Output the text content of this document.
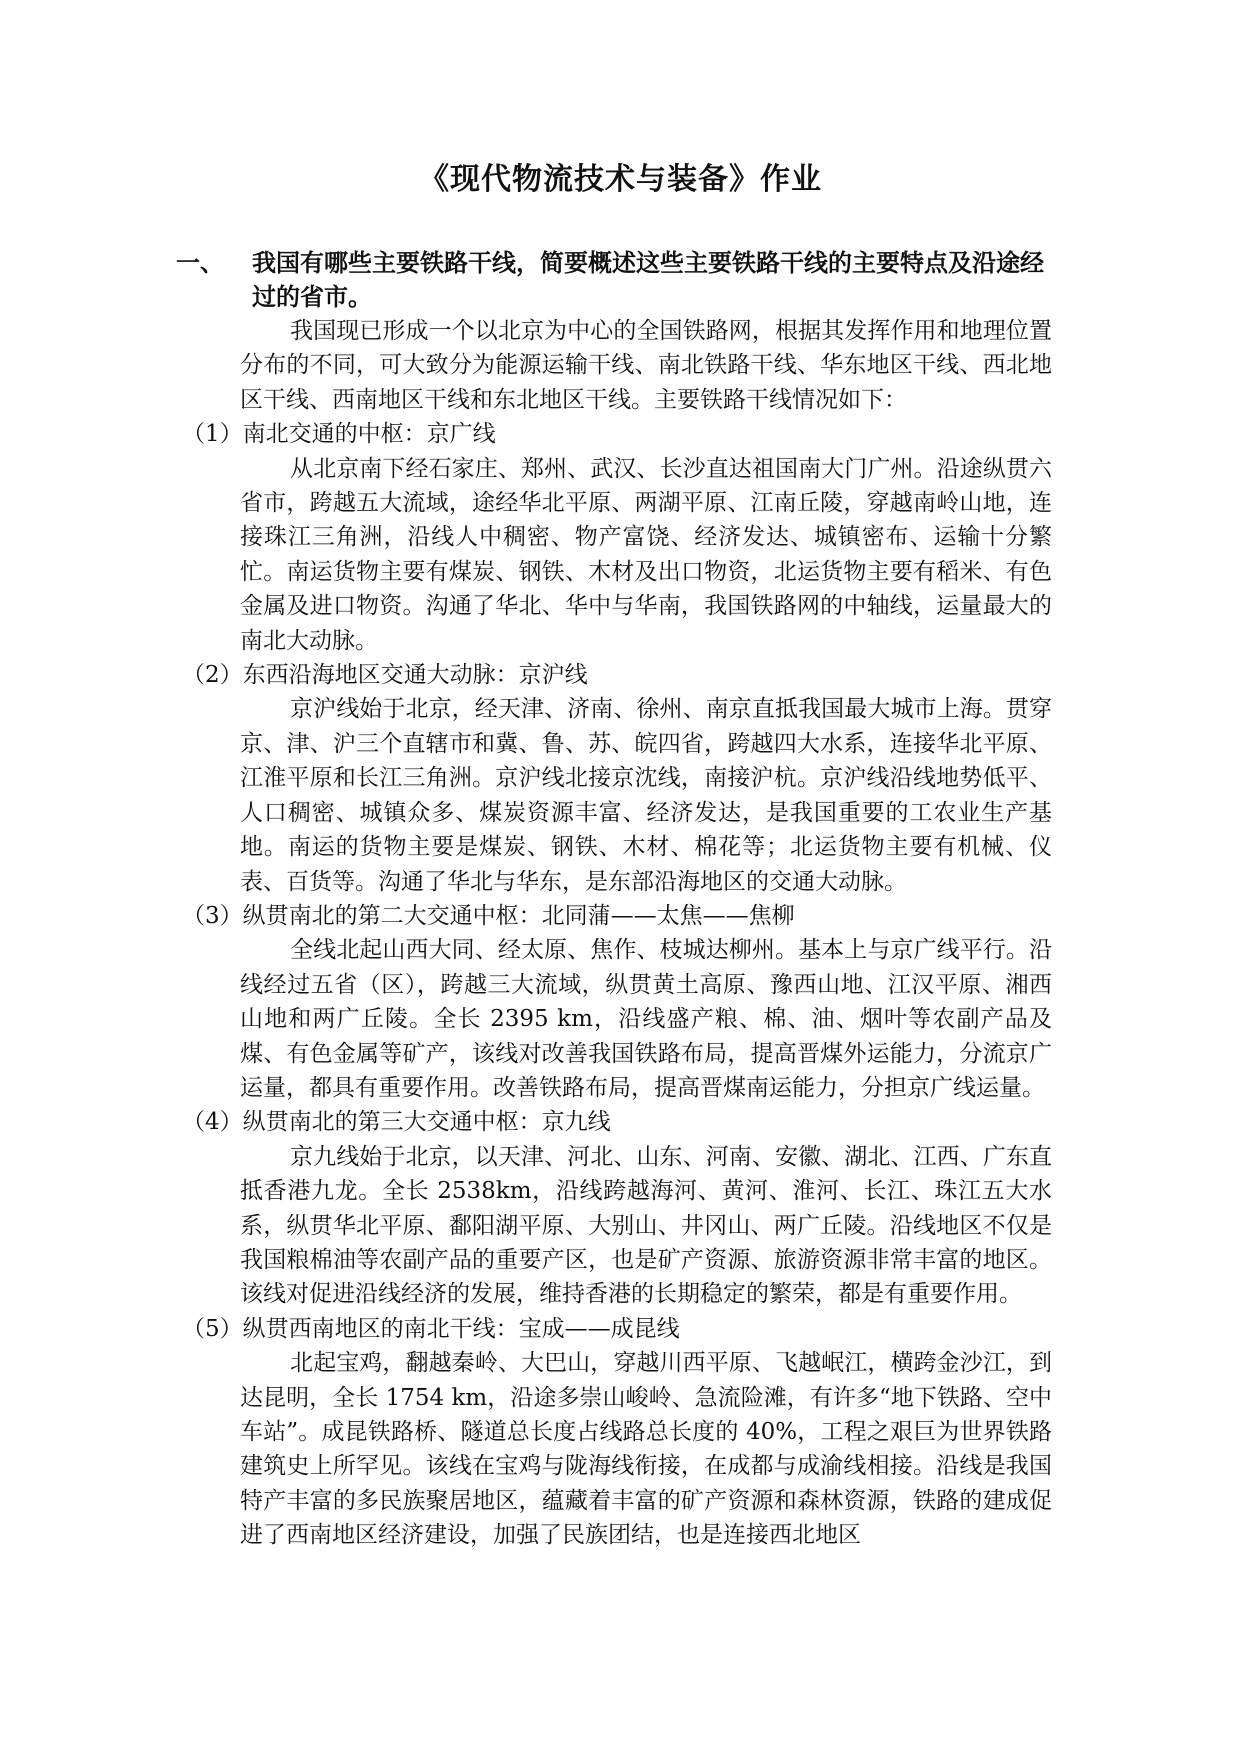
《现代物流技术与装备》作业
一、 我国有哪些主要铁路干线，简要概述这些主要铁路干线的主要特点及沿途经过的省市。

我国现已形成一个以北京为中心的全国铁路网，根据其发挥作用和地理位置分布的不同，可大致分为能源运输干线、南北铁路干线、华东地区干线、西北地区干线、西南地区干线和东北地区干线。主要铁路干线情况如下：

（1）南北交通的中枢：京广线

从北京南下经石家庄、郑州、武汉、长沙直达祖国南大门广州。沿途纵贯六省市，跨越五大流域，途经华北平原、两湖平原、江南丘陵，穿越南岭山地，连接珠江三角洲，沿线人中稠密、物产富饶、经济发达、城镇密布、运输十分繁忙。南运货物主要有煤炭、钢铁、木材及出口物资，北运货物主要有稻米、有色金属及进口物资。沟通了华北、华中与华南，我国铁路网的中轴线，运量最大的南北大动脉。

（2）东西沿海地区交通大动脉：京沪线

京沪线始于北京，经天津、济南、徐州、南京直抵我国最大城市上海。贯穿京、津、沪三个直辖市和冀、鲁、苏、皖四省，跨越四大水系，连接华北平原、江淮平原和长江三角洲。京沪线北接京沈线，南接沪杭。京沪线沿线地势低平、人口稠密、城镇众多、煤炭资源丰富、经济发达，是我国重要的工农业生产基地。南运的货物主要是煤炭、钢铁、木材、棉花等；北运货物主要有机械、仪表、百货等。沟通了华北与华东，是东部沿海地区的交通大动脉。

（3）纵贯南北的第二大交通中枢：北同蒲——太焦——焦柳

全线北起山西大同、经太原、焦作、枝城达柳州。基本上与京广线平行。沿线经过五省（区），跨越三大流域，纵贯黄土高原、豫西山地、江汉平原、湘西山地和两广丘陵。全长 2395 km，沿线盛产粮、棉、油、烟叶等农副产品及煤、有色金属等矿产，该线对改善我国铁路布局，提高晋煤外运能力，分流京广运量，都具有重要作用。改善铁路布局，提高晋煤南运能力，分担京广线运量。

（4）纵贯南北的第三大交通中枢：京九线

京九线始于北京，以天津、河北、山东、河南、安徽、湖北、江西、广东直抵香港九龙。全长 2538km，沿线跨越海河、黄河、淮河、长江、珠江五大水系，纵贯华北平原、鄱阳湖平原、大别山、井冈山、两广丘陵。沿线地区不仅是我国粮棉油等农副产品的重要产区，也是矿产资源、旅游资源非常丰富的地区。该线对促进沿线经济的发展，维持香港的长期稳定的繁荣，都是有重要作用。

（5）纵贯西南地区的南北干线：宝成——成昆线

北起宝鸡，翻越秦岭、大巴山，穿越川西平原、飞越岷江，横跨金沙江，到达昆明，全长 1754 km，沿途多崇山峻岭、急流险滩，有许多“地下铁路、空中车站”。成昆铁路桥、隧道总长度占线路总长度的 40%，工程之艰巨为世界铁路建筑史上所罕见。该线在宝鸡与陇海线衔接，在成都与成渝线相接。沿线是我国特产丰富的多民族聚居地区，蕴藏着丰富的矿产资源和森林资源，铁路的建成促进了西南地区经济建设，加强了民族团结，也是连接西北地区
